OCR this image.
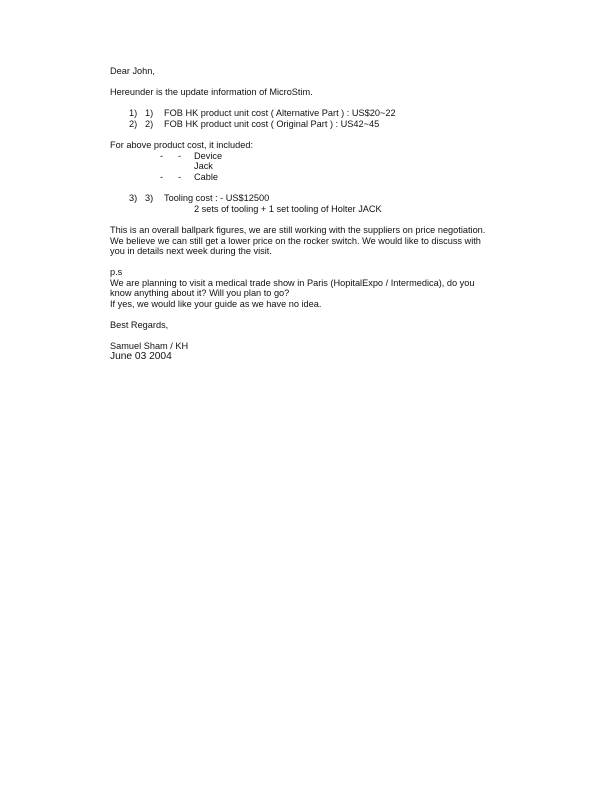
Dear John,
Hereunder is the update information of MicroStim.
1) 1) FOB HK product unit cost ( Alternative Part ) : US$20~22
2) 2) FOB HK product unit cost ( Original Part ) : US42~45
For above product cost, it included:
- - Device
Jack
- - Cable
3) 3) Tooling cost : - US$12500
2 sets of tooling + 1 set tooling of Holter JACK
This is an overall ballpark figures, we are still working with the suppliers on price negotiation.
We believe we can still get a lower price on the rocker switch. We would like to discuss with
you in details next week during the visit.
p.s
We are planning to visit a medical trade show in Paris (HopitalExpo / Intermedica), do you
know anything about it? Will you plan to go?
If yes, we would like your guide as we have no idea.
Best Regards,
Samuel Sham / KH
June 03 2004
